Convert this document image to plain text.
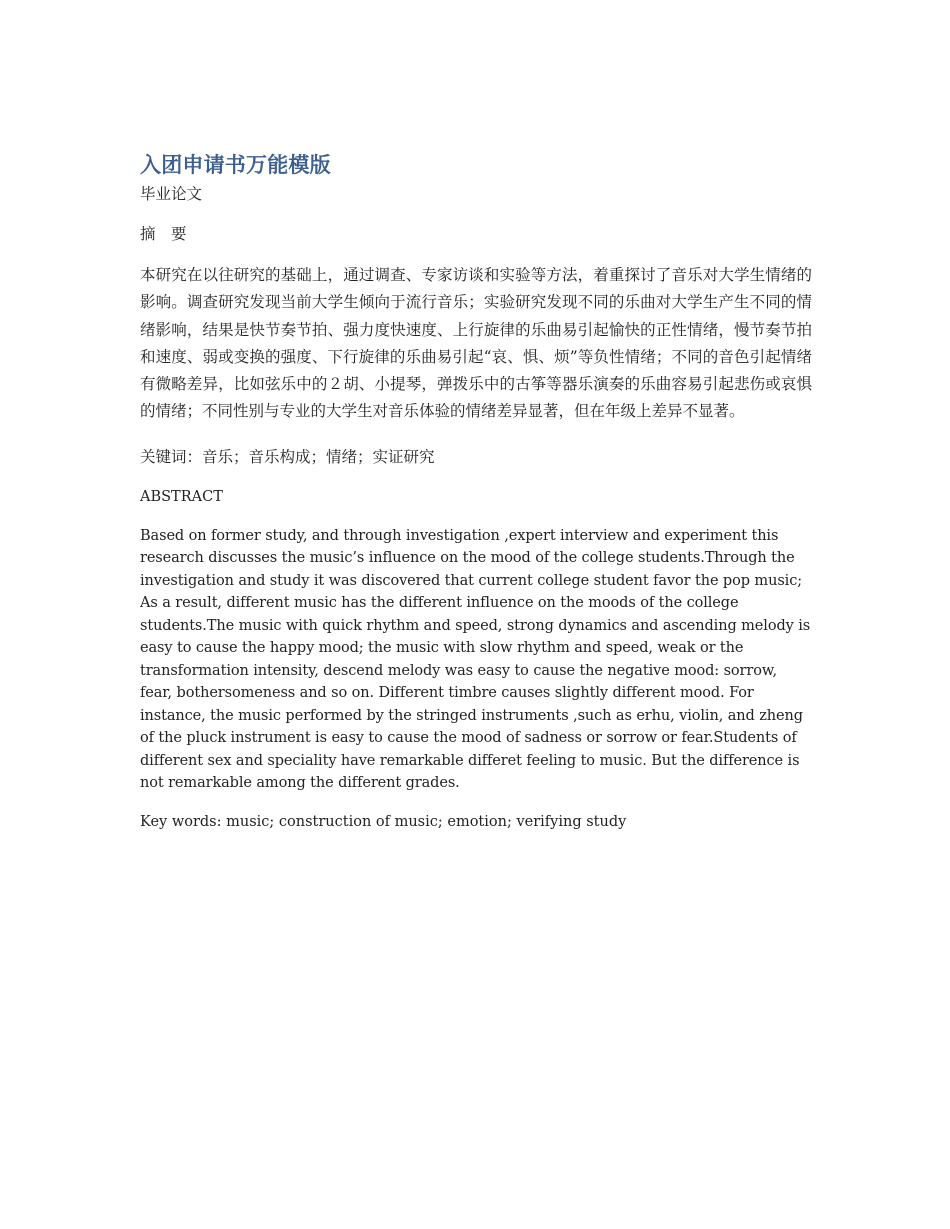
入团申请书万能模版
毕业论文
摘　要

本研究在以往研究的基础上，通过调查、专家访谈和实验等方法，着重探讨了音乐对大学生情绪的影响。调查研究发现当前大学生倾向于流行音乐；实验研究发现不同的乐曲对大学生产生不同的情绪影响，结果是快节奏节拍、强力度快速度、上行旋律的乐曲易引起愉快的正性情绪，慢节奏节拍和速度、弱或变换的强度、下行旋律的乐曲易引起“哀、惧、烦”等负性情绪；不同的音色引起情绪有微略差异，比如弦乐中的２胡、小提琴，弹拨乐中的古筝等器乐演奏的乐曲容易引起悲伤或哀惧的情绪；不同性别与专业的大学生对音乐体验的情绪差异显著，但在年级上差异不显著。

关键词：音乐；音乐构成；情绪；实证研究
ABSTRACT

Based on former study, and through investigation ,expert interview and experiment this research discusses the music’s influence on the mood of the college students.Through the investigation and study it was discovered that current college student favor the pop music; As a result, different music has the different influence on the moods of the college students.The music with quick rhythm and speed, strong dynamics and ascending melody is easy to cause the happy mood; the music with slow rhythm and speed, weak or the transformation intensity, descend melody was easy to cause the negative mood: sorrow, fear, bothersomeness and so on. Different timbre causes slightly different mood. For instance, the music performed by the stringed instruments ,such as erhu, violin, and zheng of the pluck instrument is easy to cause the mood of sadness or sorrow or fear.Students of different sex and speciality have remarkable differet feeling to music. But the difference is not remarkable among the different grades.

Key words: music; construction of music; emotion; verifying study
